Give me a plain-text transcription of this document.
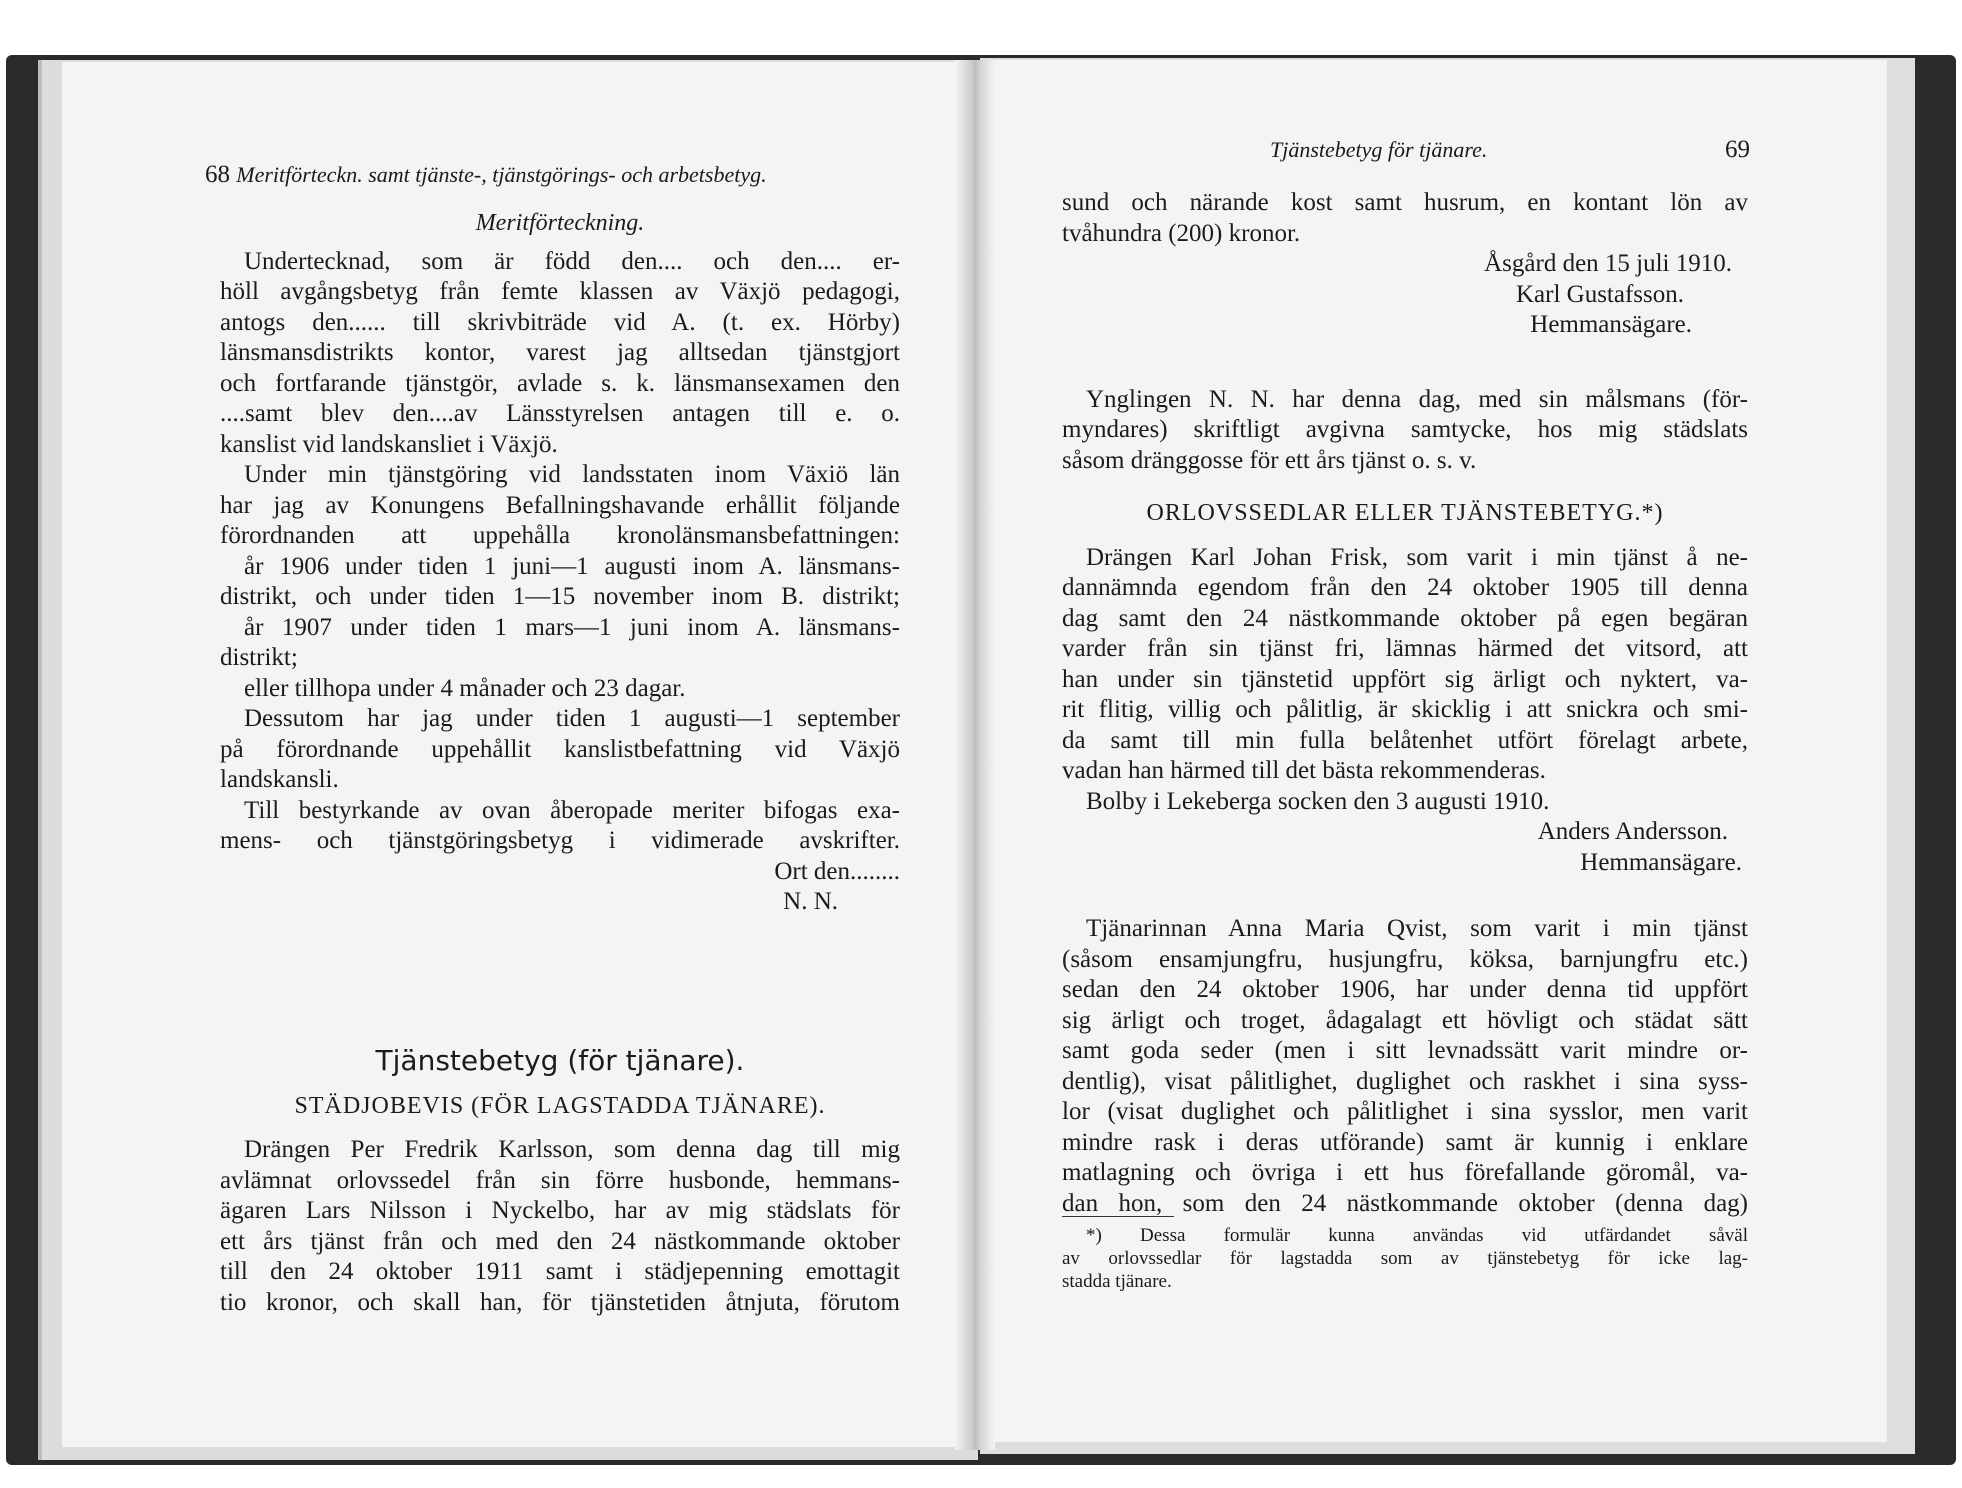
68 Meritförteckn. samt tjänste-, tjänstgörings- och arbetsbetyg.
Meritförteckning.
Undertecknad, som är född den.... och den.... er-
höll avgångsbetyg från femte klassen av Växjö pedagogi,
antogs den...... till skrivbiträde vid A. (t. ex. Hörby)
länsmansdistrikts kontor, varest jag alltsedan tjänstgjort
och fortfarande tjänstgör, avlade s. k. länsmansexamen den
....samt blev den....av Länsstyrelsen antagen till e. o.
kanslist vid landskansliet i Växjö.
Under min tjänstgöring vid landsstaten inom Växiö län
har jag av Konungens Befallningshavande erhållit följande
förordnanden att uppehålla kronolänsmansbefattningen:
år 1906 under tiden 1 juni—1 augusti inom A. länsmans-
distrikt, och under tiden 1—15 november inom B. distrikt;
år 1907 under tiden 1 mars—1 juni inom A. länsmans-
distrikt;
eller tillhopa under 4 månader och 23 dagar.
Dessutom har jag under tiden 1 augusti—1 september
på förordnande uppehållit kanslistbefattning vid Växjö
landskansli.
Till bestyrkande av ovan åberopade meriter bifogas exa-
mens- och tjänstgöringsbetyg i vidimerade avskrifter.
Ort den........
N. N.
Tjänstebetyg (för tjänare).
STÄDJOBEVIS (FÖR LAGSTADDA TJÄNARE).
Drängen Per Fredrik Karlsson, som denna dag till mig
avlämnat orlovssedel från sin förre husbonde, hemmans-
ägaren Lars Nilsson i Nyckelbo, har av mig städslats för
ett års tjänst från och med den 24 nästkommande oktober
till den 24 oktober 1911 samt i städjepenning emottagit
tio kronor, och skall han, för tjänstetiden åtnjuta, förutom
Tjänstebetyg för tjänare.	69
sund och närande kost samt husrum, en kontant lön av
tvåhundra (200) kronor.
Åsgård den 15 juli 1910.
Karl Gustafsson.
Hemmansägare.
Ynglingen N. N. har denna dag, med sin målsmans (för-
myndares) skriftligt avgivna samtycke, hos mig städslats
såsom dränggosse för ett års tjänst o. s. v.
ORLOVSSEDLAR ELLER TJÄNSTEBETYG.*)
Drängen Karl Johan Frisk, som varit i min tjänst å ne-
dannämnda egendom från den 24 oktober 1905 till denna
dag samt den 24 nästkommande oktober på egen begäran
varder från sin tjänst fri, lämnas härmed det vitsord, att
han under sin tjänstetid uppfört sig ärligt och nyktert, va-
rit flitig, villig och pålitlig, är skicklig i att snickra och smi-
da samt till min fulla belåtenhet utfört förelagt arbete,
vadan han härmed till det bästa rekommenderas.
Bolby i Lekeberga socken den 3 augusti 1910.
Anders Andersson.
Hemmansägare.
Tjänarinnan Anna Maria Qvist, som varit i min tjänst
(såsom ensamjungfru, husjungfru, köksa, barnjungfru etc.)
sedan den 24 oktober 1906, har under denna tid uppfört
sig ärligt och troget, ådagalagt ett hövligt och städat sätt
samt goda seder (men i sitt levnadssätt varit mindre or-
dentlig), visat pålitlighet, duglighet och raskhet i sina syss-
lor (visat duglighet och pålitlighet i sina sysslor, men varit
mindre rask i deras utförande) samt är kunnig i enklare
matlagning och övriga i ett hus förefallande göromål, va-
dan hon, som den 24 nästkommande oktober (denna dag)
*) Dessa formulär kunna användas vid utfärdandet såväl
av orlovssedlar för lagstadda som av tjänstebetyg för icke lag-
stadda tjänare.
